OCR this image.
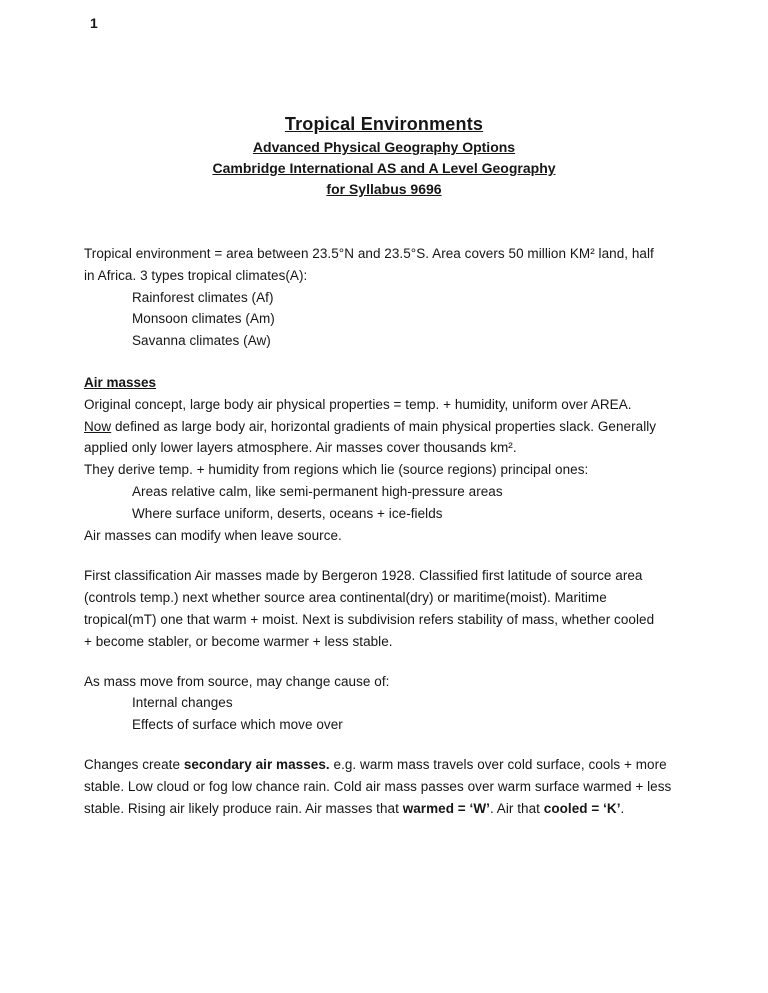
1
Tropical Environments
Advanced Physical Geography Options
Cambridge International AS and A Level Geography
for Syllabus 9696
Tropical environment = area between 23.5°N and 23.5°S. Area covers 50 million KM² land, half
in Africa. 3 types tropical climates(A):
Rainforest climates (Af)
Monsoon climates (Am)
Savanna climates (Aw)
Air masses
Original concept, large body air physical properties = temp. + humidity, uniform over AREA.
Now defined as large body air, horizontal gradients of main physical properties slack. Generally
applied only lower layers atmosphere. Air masses cover thousands km².
They derive temp. + humidity from regions which lie (source regions) principal ones:
Areas relative calm, like semi-permanent high-pressure areas
Where surface uniform, deserts, oceans + ice-fields
Air masses can modify when leave source.
First classification Air masses made by Bergeron 1928. Classified first latitude of source area
(controls temp.) next whether source area continental(dry) or maritime(moist). Maritime
tropical(mT) one that warm + moist. Next is subdivision refers stability of mass, whether cooled
+ become stabler, or become warmer + less stable.
As mass move from source, may change cause of:
Internal changes
Effects of surface which move over
Changes create secondary air masses. e.g. warm mass travels over cold surface, cools + more
stable. Low cloud or fog low chance rain. Cold air mass passes over warm surface warmed + less
stable. Rising air likely produce rain. Air masses that warmed = ‘W’. Air that cooled = ‘K’.
